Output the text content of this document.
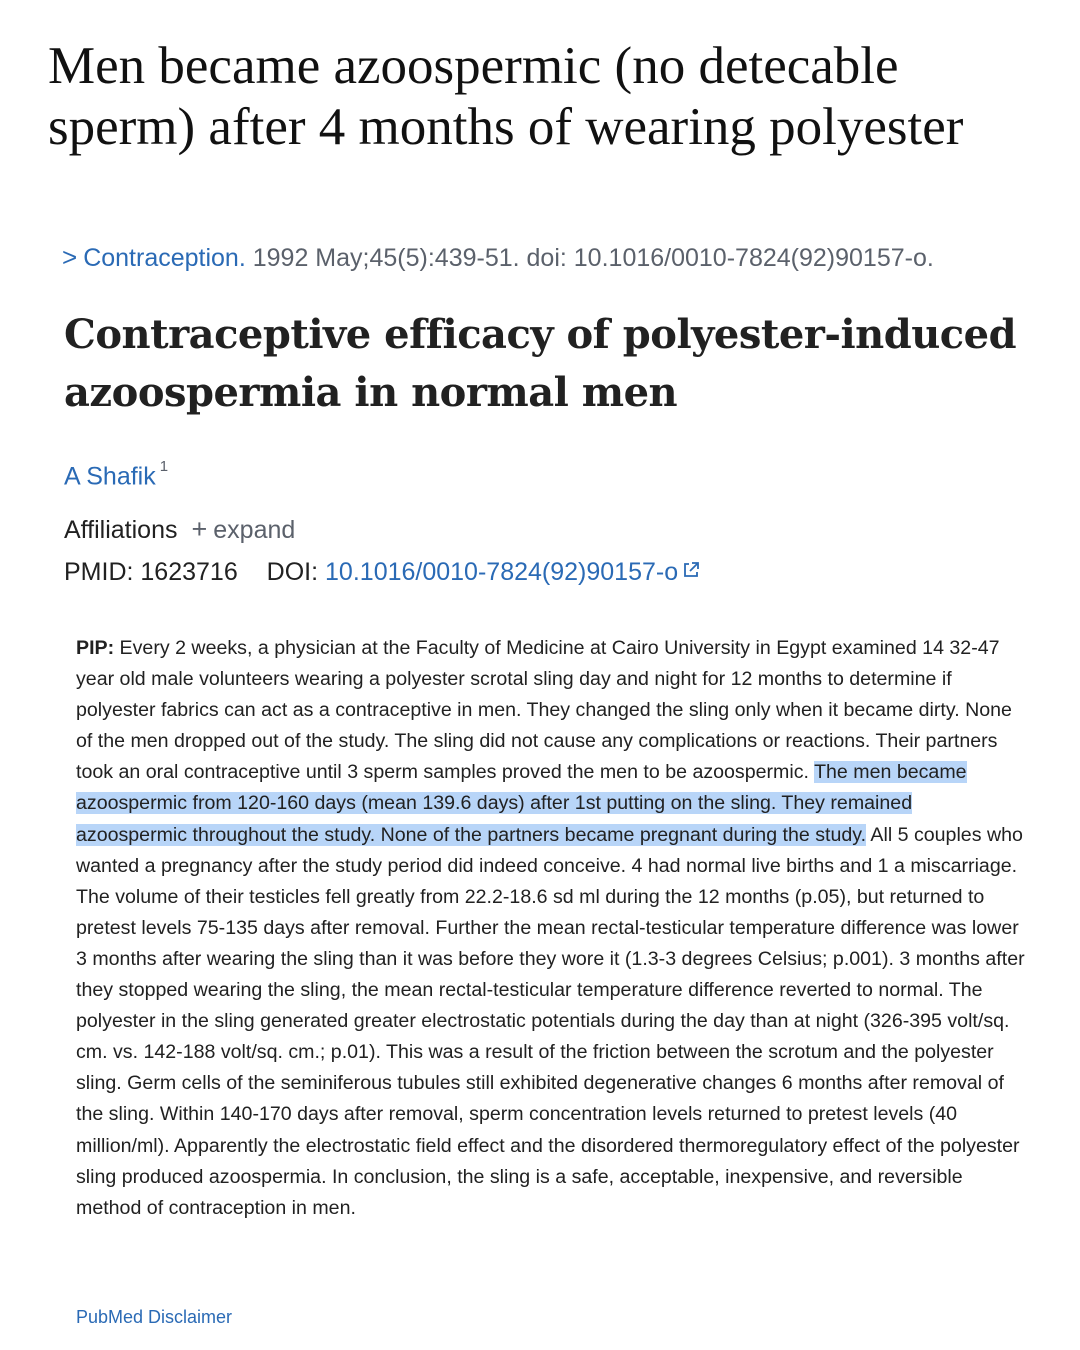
Men became azoospermic (no detecable sperm) after 4 months of wearing polyester
> Contraception. 1992 May;45(5):439-51. doi: 10.1016/0010-7824(92)90157-o.
Contraceptive efficacy of polyester-induced azoospermia in normal men
A Shafik $^1$
Affiliations + expand
PMID: 1623716 DOI: 10.1016/0010-7824(92)90157-o

PIP: Every 2 weeks, a physician at the Faculty of Medicine at Cairo University in Egypt examined 14 32-47 year old male volunteers wearing a polyester scrotal sling day and night for 12 months to determine if polyester fabrics can act as a contraceptive in men. They changed the sling only when it became dirty. None of the men dropped out of the study. The sling did not cause any complications or reactions. Their partners took an oral contraceptive until 3 sperm samples proved the men to be azoospermic. The men became azoospermic from 120-160 days (mean 139.6 days) after 1st putting on the sling. They remained azoospermic throughout the study. None of the partners became pregnant during the study. All 5 couples who wanted a pregnancy after the study period did indeed conceive. 4 had normal live births and 1 a miscarriage. The volume of their testicles fell greatly from 22.2-18.6 sd ml during the 12 months (p.05), but returned to pretest levels 75-135 days after removal. Further the mean rectal-testicular temperature difference was lower 3 months after wearing the sling than it was before they wore it (1.3-3 degrees Celsius; p.001). 3 months after they stopped wearing the sling, the mean rectal-testicular temperature difference reverted to normal. The polyester in the sling generated greater electrostatic potentials during the day than at night (326-395 volt/sq. cm. vs. 142-188 volt/sq. cm.; p.01). This was a result of the friction between the scrotum and the polyester sling. Germ cells of the seminiferous tubules still exhibited degenerative changes 6 months after removal of the sling. Within 140-170 days after removal, sperm concentration levels returned to pretest levels (40 million/ml). Apparently the electrostatic field effect and the disordered thermoregulatory effect of the polyester sling produced azoospermia. In conclusion, the sling is a safe, acceptable, inexpensive, and reversible method of contraception in men.

PubMed Disclaimer
